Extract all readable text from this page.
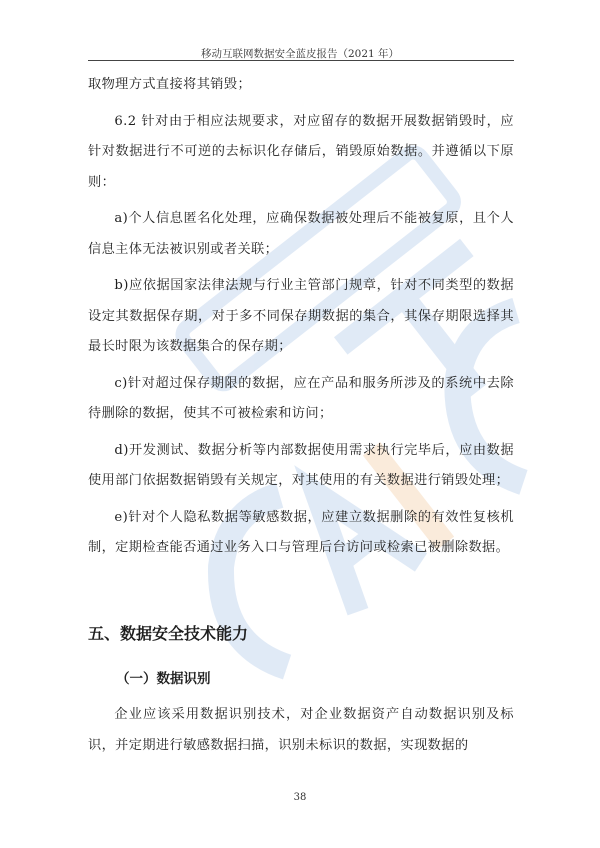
移动互联网数据安全蓝皮报告（2021 年）

取物理方式直接将其销毁；

6.2 针对由于相应法规要求，对应留存的数据开展数据销毁时，应针对数据进行不可逆的去标识化存储后，销毁原始数据。并遵循以下原则：

a)个人信息匿名化处理，应确保数据被处理后不能被复原，且个人信息主体无法被识别或者关联；

b)应依据国家法律法规与行业主管部门规章，针对不同类型的数据设定其数据保存期，对于多不同保存期数据的集合，其保存期限选择其最长时限为该数据集合的保存期；

c)针对超过保存期限的数据，应在产品和服务所涉及的系统中去除待删除的数据，使其不可被检索和访问；

d)开发测试、数据分析等内部数据使用需求执行完毕后，应由数据使用部门依据数据销毁有关规定，对其使用的有关数据进行销毁处理；

e)针对个人隐私数据等敏感数据，应建立数据删除的有效性复核机制，定期检查能否通过业务入口与管理后台访问或检索已被删除数据。

五、数据安全技术能力
（一）数据识别

企业应该采用数据识别技术，对企业数据资产自动数据识别及标识，并定期进行敏感数据扫描，识别未标识的数据，实现数据的

38
